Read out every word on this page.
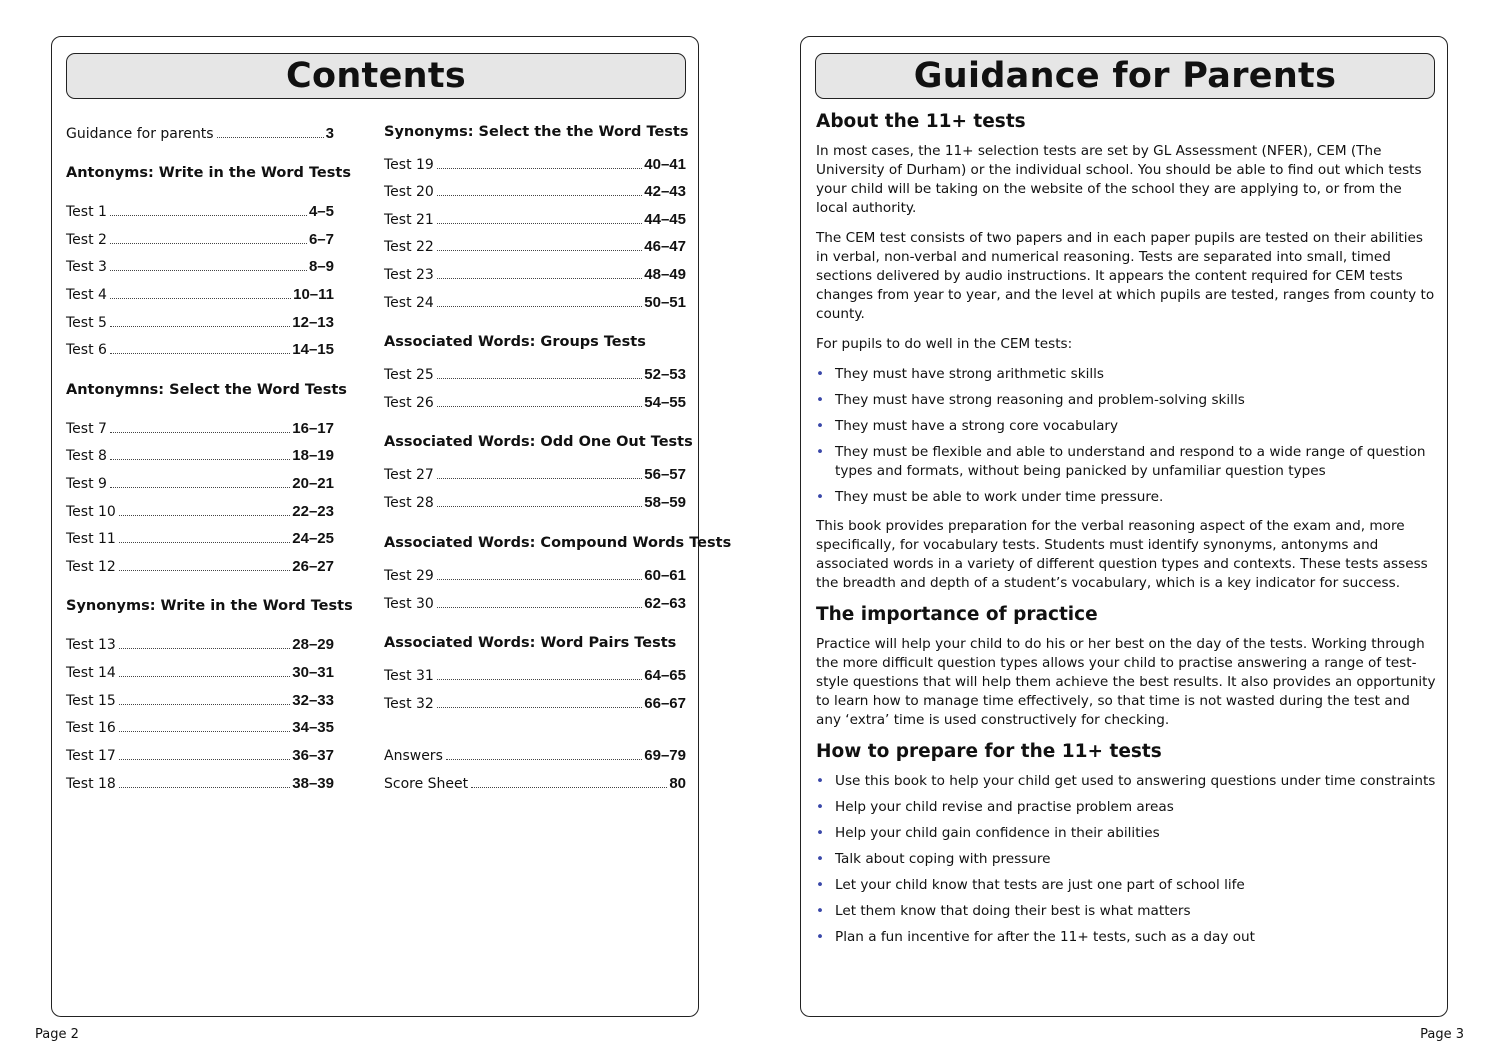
Contents
Guidance for parents	3
Antonyms: Write in the Word Tests
Test 1	4–5
Test 2	6–7
Test 3	8–9
Test 4	10–11
Test 5	12–13
Test 6	14–15
Antonymns: Select the Word Tests
Test 7	16–17
Test 8	18–19
Test 9	20–21
Test 10	22–23
Test 11	24–25
Test 12	26–27
Synonyms: Write in the Word Tests
Test 13	28–29
Test 14	30–31
Test 15	32–33
Test 16	34–35
Test 17	36–37
Test 18	38–39
Synonyms: Select the the Word Tests
Test 19	40–41
Test 20	42–43
Test 21	44–45
Test 22	46–47
Test 23	48–49
Test 24	50–51
Associated Words: Groups Tests
Test 25	52–53
Test 26	54–55
Associated Words: Odd One Out Tests
Test 27	56–57
Test 28	58–59
Associated Words: Compound Words Tests
Test 29	60–61
Test 30	62–63
Associated Words: Word Pairs Tests
Test 31	64–65
Test 32	66–67
Answers	69–79
Score Sheet	80
Guidance for Parents
About the 11+ tests

In most cases, the 11+ selection tests are set by GL Assessment (NFER), CEM (The University of Durham) or the individual school. You should be able to find out which tests your child will be taking on the website of the school they are applying to, or from the local authority.

The CEM test consists of two papers and in each paper pupils are tested on their abilities in verbal, non-verbal and numerical reasoning. Tests are separated into small, timed sections delivered by audio instructions. It appears the content required for CEM tests changes from year to year, and the level at which pupils are tested, ranges from county to county.

For pupils to do well in the CEM tests:

• They must have strong arithmetic skills
• They must have strong reasoning and problem-solving skills
• They must have a strong core vocabulary
• They must be flexible and able to understand and respond to a wide range of question types and formats, without being panicked by unfamiliar question types
• They must be able to work under time pressure.

This book provides preparation for the verbal reasoning aspect of the exam and, more specifically, for vocabulary tests. Students must identify synonyms, antonyms and associated words in a variety of different question types and contexts. These tests assess the breadth and depth of a student’s vocabulary, which is a key indicator for success.

The importance of practice

Practice will help your child to do his or her best on the day of the tests. Working through the more difficult question types allows your child to practise answering a range of test-style questions that will help them achieve the best results. It also provides an opportunity to learn how to manage time effectively, so that time is not wasted during the test and any ‘extra’ time is used constructively for checking.

How to prepare for the 11+ tests
• Use this book to help your child get used to answering questions under time constraints
• Help your child revise and practise problem areas
• Help your child gain confidence in their abilities
• Talk about coping with pressure
• Let your child know that tests are just one part of school life
• Let them know that doing their best is what matters
• Plan a fun incentive for after the 11+ tests, such as a day out
Page 2	Page 3
